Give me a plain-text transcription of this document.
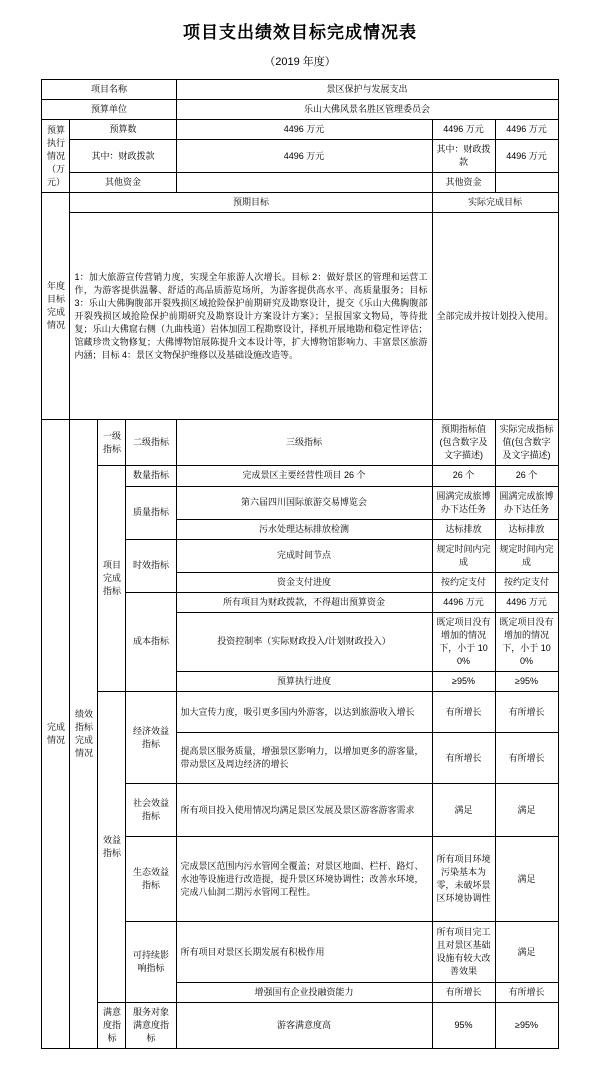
项目支出绩效目标完成情况表
（2019 年度）
项目名称				景区保护与发展支出		
预算单位				乐山大佛风景名胜区管理委员会		
预算执行情况（万元）	预算数			4496 万元	4496 万元	4496 万元
	其中：财政拨款			4496 万元	其中：财政拨款	4496 万元
	其他资金				其他资金	
年度目标完成情况	预期目标				实际完成目标	
	1：加大旅游宣传营销力度，实现全年旅游人次增长。目标 2：做好景区的管理和运营工作，为游客提供温馨、舒适的高品质游览场所，为游客提供高水平、高质量服务；目标 3：乐山大佛胸腹部开裂残损区域抢险保护前期研究及勘察设计，提交《乐山大佛胸腹部开裂残损区域抢险保护前期研究及勘察设计方案设计方案》；呈报国家文物局，等待批复；乐山大佛窟右侧（九曲栈道）岩体加固工程勘察设计，择机开展地勘和稳定性评估；馆藏珍贵文物修复；大佛博物馆展陈提升文本设计等，扩大博物馆影响力、丰富景区旅游内涵；目标 4：景区文物保护维修以及基础设施改造等。				全部完成并按计划投入使用。	
完成情况	绩效指标完成情况	一级指标	二级指标	三级指标	预期指标值(包含数字及文字描述)	实际完成指标值(包含数字及文字描述)
		项目完成指标	数量指标	完成景区主要经营性项目 26 个	26 个	26 个
			质量指标	第六届四川国际旅游交易博览会	圆满完成旅博办下达任务	圆满完成旅博办下达任务
				污水处理达标排放检测	达标排放	达标排放
			时效指标	完成时间节点	规定时间内完成	规定时间内完成
				资金支付进度	按约定支付	按约定支付
			成本指标	所有项目为财政拨款，不得超出预算资金	4496 万元	4496 万元
				投资控制率（实际财政投入/计划财政投入）	既定项目没有增加的情况下，小于 100%	既定项目没有增加的情况下，小于 100%
				预算执行进度	≥95%	≥95%
		效益指标	经济效益指标	加大宣传力度，吸引更多国内外游客，以达到旅游收入增长	有所增长	有所增长
				提高景区服务质量，增强景区影响力，以增加更多的游客量，带动景区及周边经济的增长	有所增长	有所增长
			社会效益指标	所有项目投入使用情况均满足景区发展及景区游客游客需求	满足	满足
			生态效益指标	完成景区范围内污水管网全覆盖；对景区地面、栏杆、路灯、水池等设施进行改造提，提升景区环境协调性；改善水环境，完成八仙洞二期污水管网工程性。	所有项目环境污染基本为零，未破坏景区环境协调性	满足
			可持续影响指标	所有项目对景区长期发展有积极作用	所有项目完工且对景区基础设施有较大改善效果	满足
				增强国有企业投融资能力	有所增长	有所增长
		满意度指标	服务对象满意度指标	游客满意度高	95%	≥95%
